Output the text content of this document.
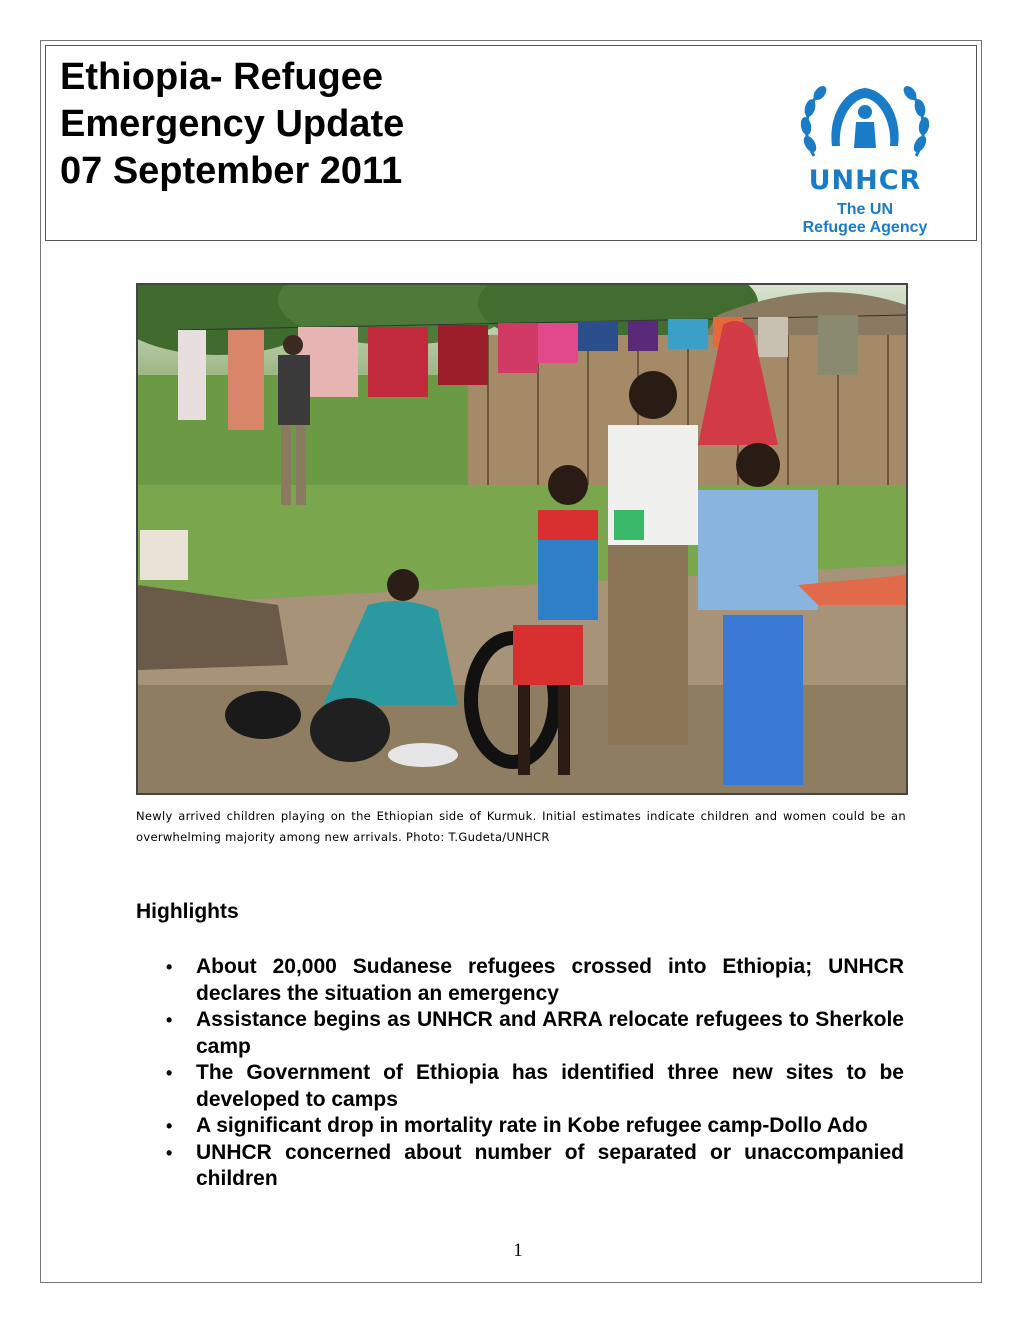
Ethiopia- Refugee
Emergency Update
07 September 2011	UNHCR
The UN
Refugee Agency

Newly arrived children playing on the Ethiopian side of Kurmuk. Initial estimates indicate children and women could be an overwhelming majority among new arrivals. Photo: T.Gudeta/UNHCR

Highlights
• About 20,000 Sudanese refugees crossed into Ethiopia; UNHCR declares the situation an emergency
• Assistance begins as UNHCR and ARRA relocate refugees to Sherkole camp
• The Government of Ethiopia has identified three new sites to be developed to camps
• A significant drop in mortality rate in Kobe refugee camp-Dollo Ado
• UNHCR concerned about number of separated or unaccompanied children
1
